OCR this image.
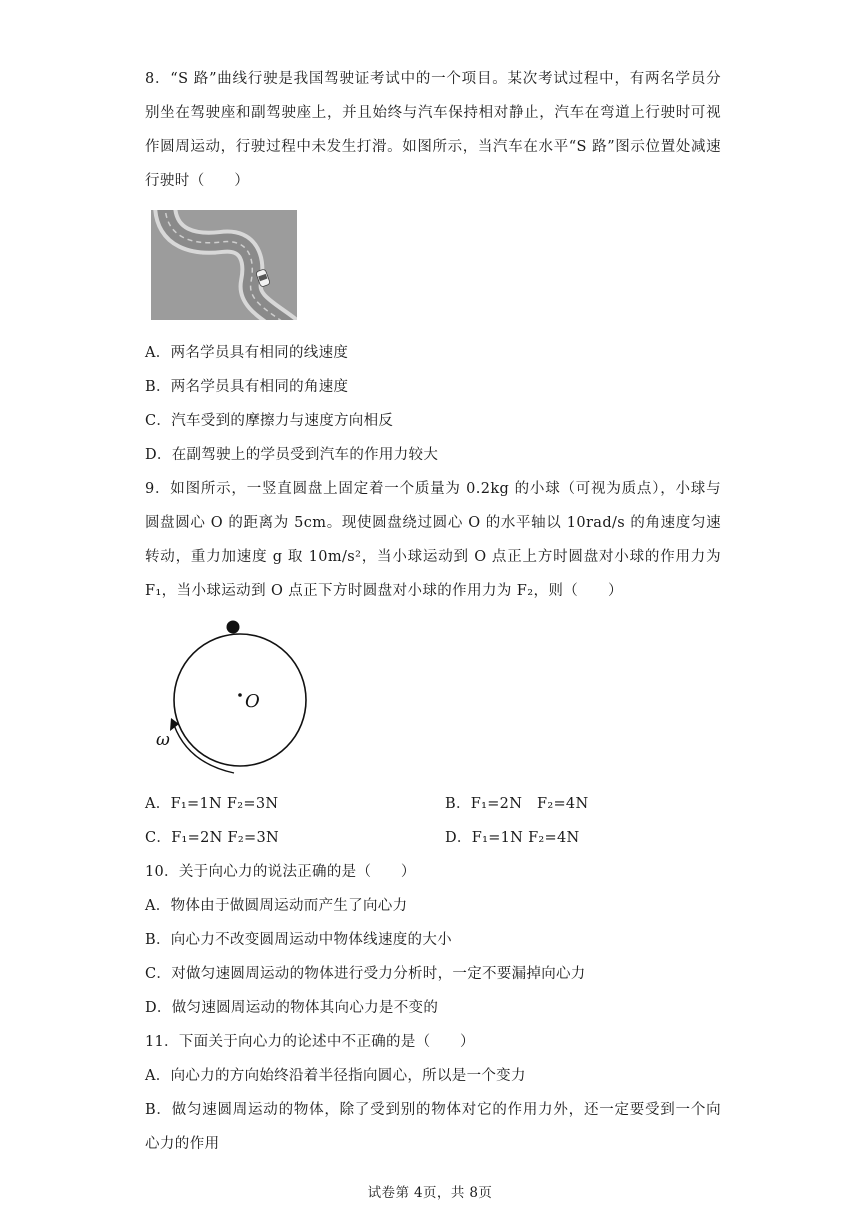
8．“S 路”曲线行驶是我国驾驶证考试中的一个项目。某次考试过程中，有两名学员分别坐在驾驶座和副驾驶座上，并且始终与汽车保持相对静止，汽车在弯道上行驶时可视作圆周运动，行驶过程中未发生打滑。如图所示，当汽车在水平“S 路”图示位置处减速行驶时（　　）

A．两名学员具有相同的线速度
B．两名学员具有相同的角速度
C．汽车受到的摩擦力与速度方向相反
D．在副驾驶上的学员受到汽车的作用力较大

9．如图所示，一竖直圆盘上固定着一个质量为 0.2kg 的小球（可视为质点），小球与圆盘圆心 O 的距离为 5cm。现使圆盘绕过圆心 O 的水平轴以 10rad/s 的角速度匀速转动，重力加速度 g 取 10m/s²，当小球运动到 O 点正上方时圆盘对小球的作用力为 F₁，当小球运动到 O 点正下方时圆盘对小球的作用力为 F₂，则（　　）

O
ω
A．F₁=1N F₂=3N	B．F₁=2N　F₂=4N
C．F₁=2N F₂=3N	D．F₁=1N F₂=4N
10．关于向心力的说法正确的是（　　）
A．物体由于做圆周运动而产生了向心力
B．向心力不改变圆周运动中物体线速度的大小
C．对做匀速圆周运动的物体进行受力分析时，一定不要漏掉向心力
D．做匀速圆周运动的物体其向心力是不变的
11．下面关于向心力的论述中不正确的是（　　）
A．向心力的方向始终沿着半径指向圆心，所以是一个变力

B．做匀速圆周运动的物体，除了受到别的物体对它的作用力外，还一定要受到一个向心力的作用

试卷第 4页，共 8页
